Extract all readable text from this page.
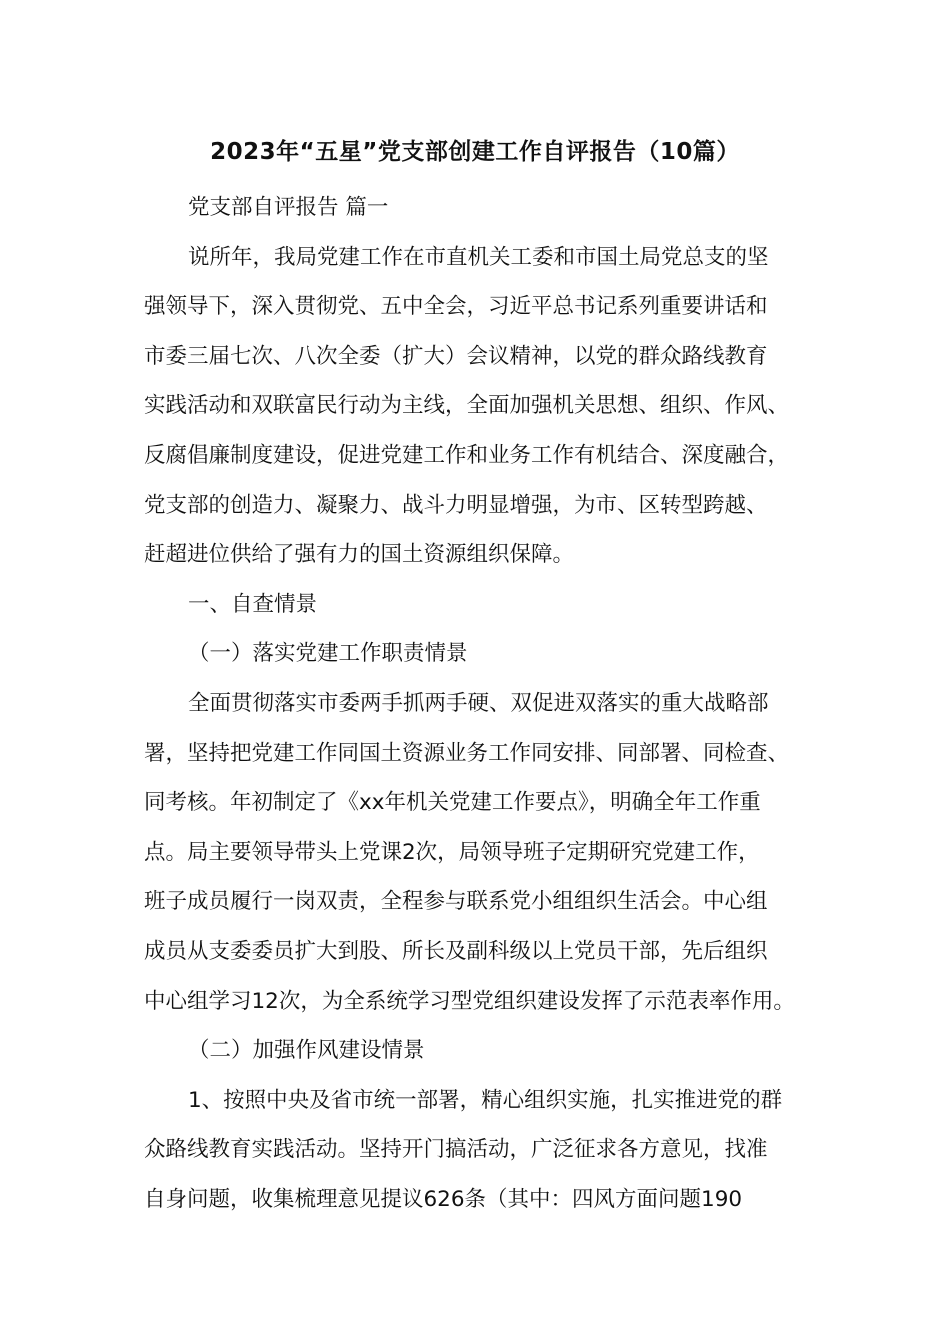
2023年“五星”党支部创建工作自评报告（10篇）

党支部自评报告 篇一

说所年，我局党建工作在市直机关工委和市国土局党总支的坚
强领导下，深入贯彻党、五中全会，习近平总书记系列重要讲话和
市委三届七次、八次全委（扩大）会议精神，以党的群众路线教育
实践活动和双联富民行动为主线，全面加强机关思想、组织、作风、
反腐倡廉制度建设，促进党建工作和业务工作有机结合、深度融合，
党支部的创造力、凝聚力、战斗力明显增强，为市、区转型跨越、
赶超进位供给了强有力的国土资源组织保障。

一、自查情景

（一）落实党建工作职责情景

全面贯彻落实市委两手抓两手硬、双促进双落实的重大战略部
署，坚持把党建工作同国土资源业务工作同安排、同部署、同检查、
同考核。年初制定了《xx年机关党建工作要点》，明确全年工作重
点。局主要领导带头上党课2次，局领导班子定期研究党建工作，
班子成员履行一岗双责，全程参与联系党小组组织生活会。中心组
成员从支委委员扩大到股、所长及副科级以上党员干部，先后组织
中心组学习12次，为全系统学习型党组织建设发挥了示范表率作用。

（二）加强作风建设情景

1、按照中央及省市统一部署，精心组织实施，扎实推进党的群
众路线教育实践活动。坚持开门搞活动，广泛征求各方意见，找准
自身问题，收集梳理意见提议626条（其中：四风方面问题190
